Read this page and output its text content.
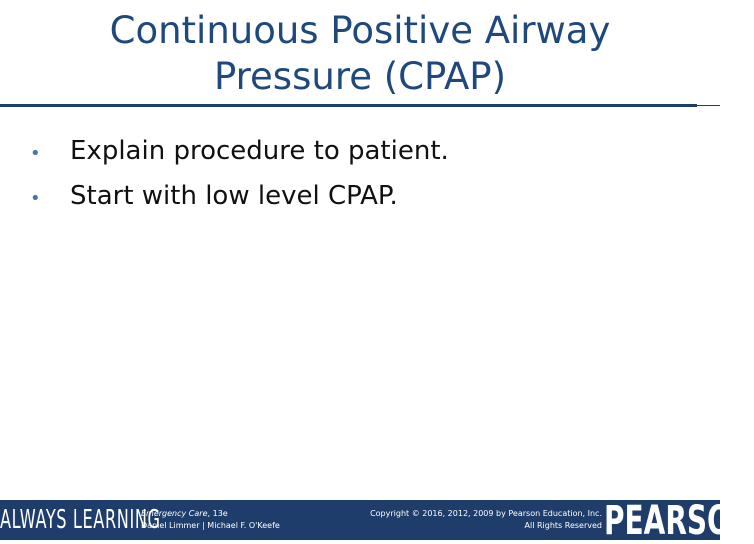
Continuous Positive Airway
Pressure (CPAP)
•	Explain procedure to patient.
•	Start with low level CPAP.
ALWAYS LEARNING
Emergency Care, 13e
Daniel Limmer | Michael F. O'Keefe
Copyright © 2016, 2012, 2009 by Pearson Education, Inc.
All Rights Reserved PEARSON
